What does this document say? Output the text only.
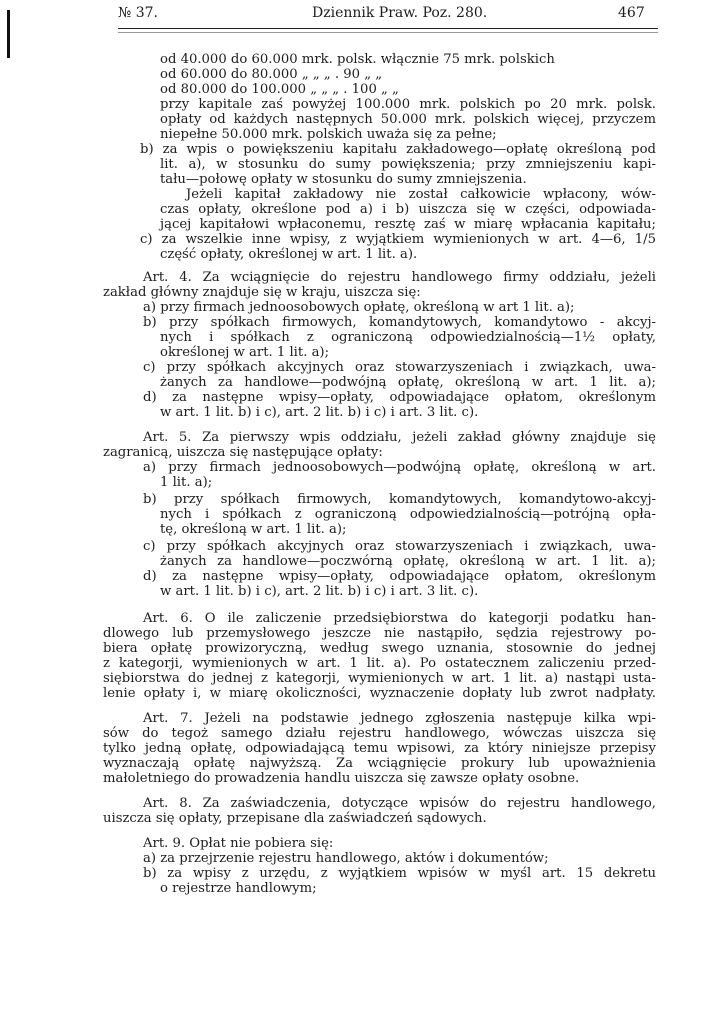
№ 37.	Dziennik Praw. Poz. 280.	467
od 40.000 do 60.000 mrk. polsk. włącznie 75 mrk. polskich
od 60.000 do 80.000 „ „ „ . 90 „ „
od 80.000 do 100.000 „ „ „ . 100 „ „
przy kapitale zaś powyżej 100.000 mrk. polskich po 20 mrk. polsk.
opłaty od każdych następnych 50.000 mrk. polskich więcej, przyczem
niepełne 50.000 mrk. polskich uważa się za pełne;
b) za wpis o powiększeniu kapitału zakładowego—opłatę określoną pod
lit. a), w stosunku do sumy powiększenia; przy zmniejszeniu kapi-
tału—połowę opłaty w stosunku do sumy zmniejszenia.
Jeżeli kapitał zakładowy nie został całkowicie wpłacony, wów-
czas opłaty, określone pod a) i b) uiszcza się w części, odpowiada-
jącej kapitałowi wpłaconemu, resztę zaś w miarę wpłacania kapitału;
c) za wszelkie inne wpisy, z wyjątkiem wymienionych w art. 4—6, 1/5
część opłaty, określonej w art. 1 lit. a).
Art. 4. Za wciągnięcie do rejestru handlowego firmy oddziału, jeżeli
zakład główny znajduje się w kraju, uiszcza się:
a) przy firmach jednoosobowych opłatę, określoną w art 1 lit. a);
b) przy spółkach firmowych, komandytowych, komandytowo - akcyj-
nych i spółkach z ograniczoną odpowiedzialnością—1½ opłaty,
określonej w art. 1 lit. a);
c) przy spółkach akcyjnych oraz stowarzyszeniach i związkach, uwa-
żanych za handlowe—podwójną opłatę, określoną w art. 1 lit. a);
d) za następne wpisy—opłaty, odpowiadające opłatom, określonym
w art. 1 lit. b) i c), art. 2 lit. b) i c) i art. 3 lit. c).
Art. 5. Za pierwszy wpis oddziału, jeżeli zakład główny znajduje się
zagranicą, uiszcza się następujące opłaty:
a) przy firmach jednoosobowych—podwójną opłatę, określoną w art.
1 lit. a);
b) przy spółkach firmowych, komandytowych, komandytowo-akcyj-
nych i spółkach z ograniczoną odpowiedzialnością—potrójną opła-
tę, określoną w art. 1 lit. a);
c) przy spółkach akcyjnych oraz stowarzyszeniach i związkach, uwa-
żanych za handlowe—poczwórną opłatę, określoną w art. 1 lit. a);
d) za następne wpisy—opłaty, odpowiadające opłatom, określonym
w art. 1 lit. b) i c), art. 2 lit. b) i c) i art. 3 lit. c).
Art. 6. O ile zaliczenie przedsiębiorstwa do kategorji podatku han-
dlowego lub przemysłowego jeszcze nie nastąpiło, sędzia rejestrowy po-
biera opłatę prowizoryczną, według swego uznania, stosownie do jednej
z kategorji, wymienionych w art. 1 lit. a). Po ostatecznem zaliczeniu przed-
siębiorstwa do jednej z kategorji, wymienionych w art. 1 lit. a) nastąpi usta-
lenie opłaty i, w miarę okoliczności, wyznaczenie dopłaty lub zwrot nadpłaty.
Art. 7. Jeżeli na podstawie jednego zgłoszenia następuje kilka wpi-
sów do tegoż samego działu rejestru handlowego, wówczas uiszcza się
tylko jedną opłatę, odpowiadającą temu wpisowi, za który niniejsze przepisy
wyznaczają opłatę najwyższą. Za wciągnięcie prokury lub upoważnienia
małoletniego do prowadzenia handlu uiszcza się zawsze opłaty osobne.
Art. 8. Za zaświadczenia, dotyczące wpisów do rejestru handlowego,
uiszcza się opłaty, przepisane dla zaświadczeń sądowych.
Art. 9. Opłat nie pobiera się:
a) za przejrzenie rejestru handlowego, aktów i dokumentów;
b) za wpisy z urzędu, z wyjątkiem wpisów w myśl art. 15 dekretu
o rejestrze handlowym;
